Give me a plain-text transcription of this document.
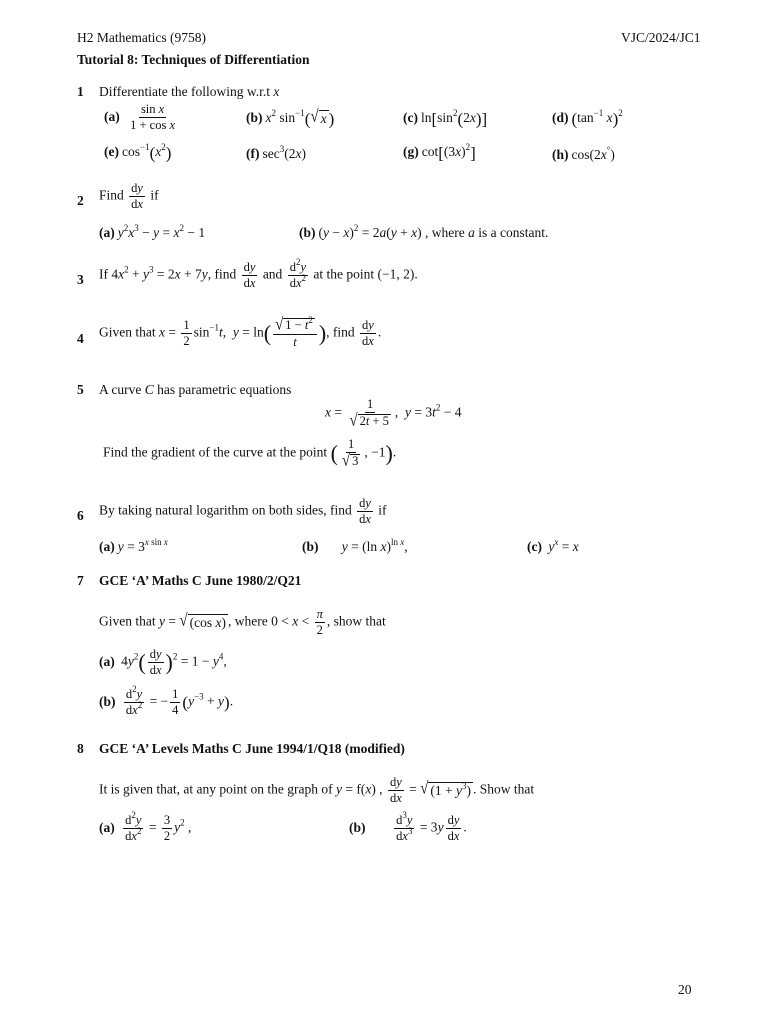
H2 Mathematics (9758)	VJC/2024/JC1
Tutorial 8: Techniques of Differentiation
1 Differentiate the following w.r.t x
$(a) \frac{\text{sin x}}{\text{1 + cos x}}$	(b) $x^2$ $\sin^{-1}$( √ x )	(c) $\ln[\sin^2(2x)]$	(d) ($\tan^{-1}$ x)$^2$
(e) $\cos^{-1}(x^2)$	(f) $\sec^3(2x)$	(g) $\cot[(3x)^2]$	(h) cos(2x°)
2 Find $\frac{dy}{dx}$ if
(a) $y^2x^3 - y = x^2 - 1$	(b) $(y - x)^2 = 2a(y + x)$ , where a is a constant.
3 If $4x^2 + y^3 = 2x + 7y$, find $\frac{dy}{dx}$ and $\frac{d^2y}{dx^2}$ at the point (−1, 2).
4 Given that $x = \frac{1}{2} \sin^{-1}t$,  $y = \ln( \frac{√ 1 - t^2}{t}$ ), find $\frac{dy}{dx}$ .
5 A curve C has parametric equations
$x = \frac{1}{√ 2t + 5}$ ,  $y = 3t^2 - 4$
Find the gradient of the curve at the point ( $\frac{1}{√ 3}$ , −1).
6 By taking natural logarithm on both sides, find $\frac{dy}{dx}$ if
(a) $y = 3^{x sin x}$	(b) y = (ln x)$^{ln x}$,	(c) $y^x = x$
7 GCE ‘A’ Maths C June 1980/2/Q21
Given that y = √ (cos x) , where $0 < x < \frac{\pi}{2}$ , show that
(a) $4y^2( \frac{dy}{dx} )^2 = 1 - y^4$,
$(b) \frac{d^2y}{dx^2}$ = − $\frac{1}{4} (y^{-3} + y)$.
8 GCE ‘A’ Levels Maths C June 1994/1/Q18 (modified)
It is given that, at any point on the graph of y = f(x) , $\frac{dy}{dx}$ = √ $(1 + y^3)$ . Show that
$(a) \frac{d^2y}{dx^2} = \frac{3}{2} y^2$ ,	$(b) \frac{d^3y}{dx^3} = 3y \frac{dy}{dx}$ .
20
